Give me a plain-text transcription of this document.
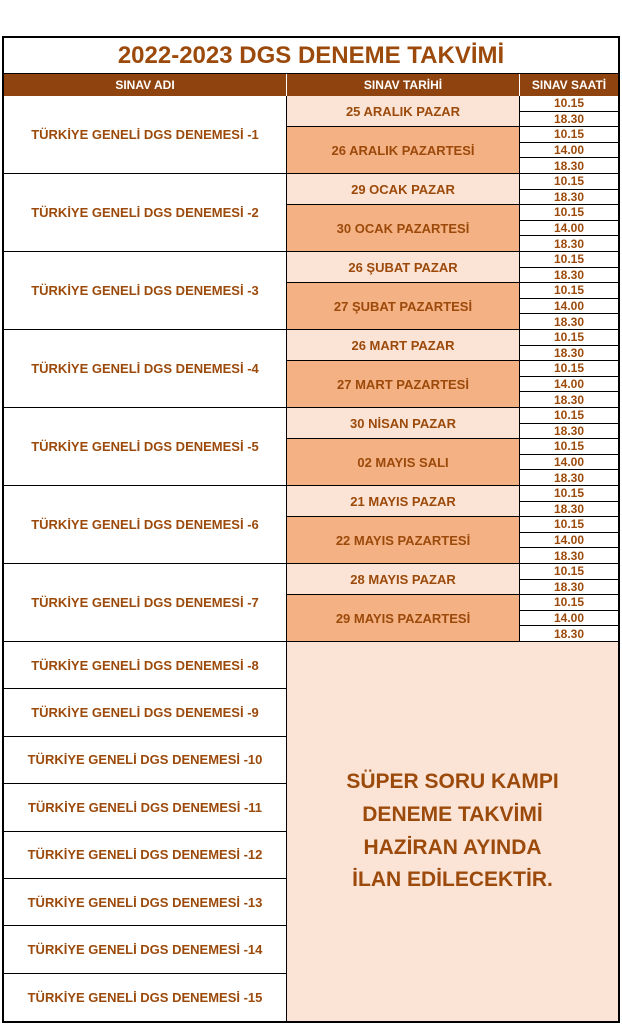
2022-2023 DGS DENEME TAKVİMİ
SINAV ADI	SINAV TARİHİ	SINAV SAATİ
25 ARALIK PAZAR
10.15
18.30
26 ARALIK PAZARTESİ
10.15
14.00
18.30
TÜRKİYE GENELİ DGS DENEMESİ -1
29 OCAK PAZAR
10.15
18.30
30 OCAK PAZARTESİ
10.15
14.00
18.30
TÜRKİYE GENELİ DGS DENEMESİ -2
26 ŞUBAT PAZAR
10.15
18.30
27 ŞUBAT PAZARTESİ
10.15
14.00
18.30
TÜRKİYE GENELİ DGS DENEMESİ -3
26 MART PAZAR
10.15
18.30
27 MART PAZARTESİ
10.15
14.00
18.30
TÜRKİYE GENELİ DGS DENEMESİ -4
30 NİSAN PAZAR
10.15
18.30
02 MAYIS SALI
10.15
14.00
18.30
TÜRKİYE GENELİ DGS DENEMESİ -5
21 MAYIS PAZAR
10.15
18.30
22 MAYIS PAZARTESİ
10.15
14.00
18.30
TÜRKİYE GENELİ DGS DENEMESİ -6
28 MAYIS PAZAR
10.15
18.30
29 MAYIS PAZARTESİ
10.15
14.00
18.30
TÜRKİYE GENELİ DGS DENEMESİ -7
TÜRKİYE GENELİ DGS DENEMESİ -8
TÜRKİYE GENELİ DGS DENEMESİ -9
TÜRKİYE GENELİ DGS DENEMESİ -10
TÜRKİYE GENELİ DGS DENEMESİ -11
TÜRKİYE GENELİ DGS DENEMESİ -12
TÜRKİYE GENELİ DGS DENEMESİ -13
TÜRKİYE GENELİ DGS DENEMESİ -14
TÜRKİYE GENELİ DGS DENEMESİ -15
SÜPER SORU KAMPI
DENEME TAKVİMİ
HAZİRAN AYINDA
İLAN EDİLECEKTİR.
